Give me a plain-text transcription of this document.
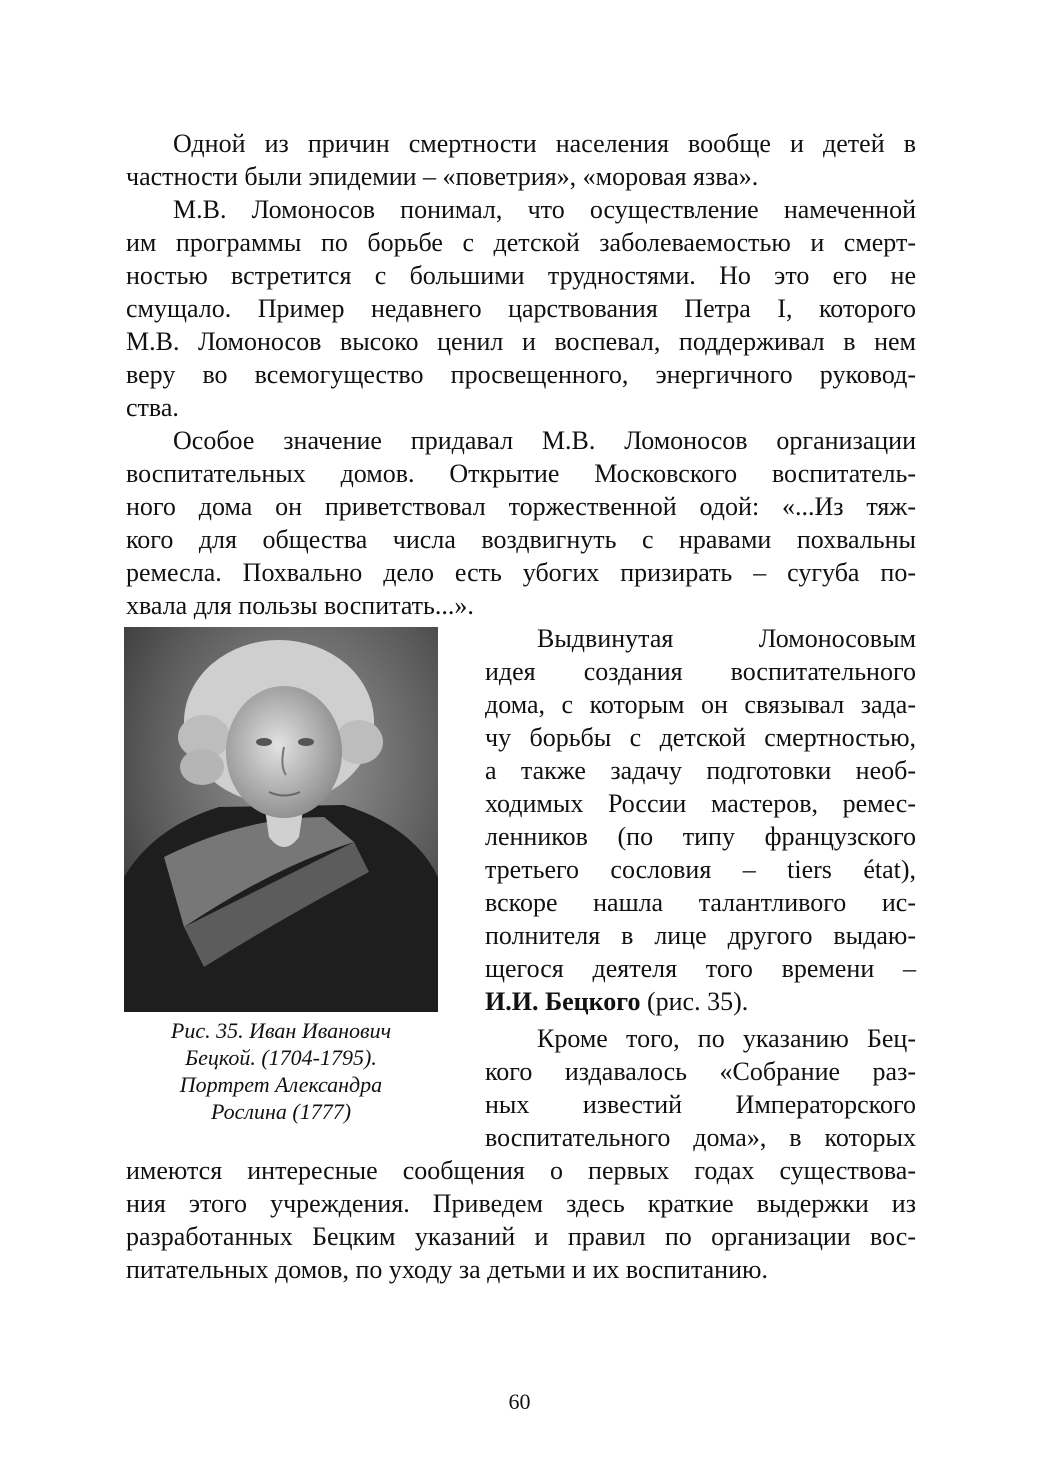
Одной из причин смертности населения вообще и детей в
частности были эпидемии – «поветрия», «моровая язва».
М.В. Ломоносов понимал, что осуществление намеченной
им программы по борьбе с детской заболеваемостью и смерт-
ностью встретится с большими трудностями. Но это его не
смущало. Пример недавнего царствования Петра I, которого
М.В. Ломоносов высоко ценил и воспевал, поддерживал в нем
веру во всемогущество просвещенного, энергичного руковод-
ства.
Особое значение придавал М.В. Ломоносов организации
воспитательных домов. Открытие Московского воспитатель-
ного дома он приветствовал торжественной одой: «...Из тяж-
кого для общества числа воздвигнуть с нравами похвальны
ремесла. Похвально дело есть убогих призирать – сугуба по-
хвала для пользы воспитать...».
Рис. 35. Иван Иванович
Бецкой. (1704-1795).
Портрет Александра
Рослина (1777)
Выдвинутая Ломоносовым
идея создания воспитательного
дома, с которым он связывал зада-
чу борьбы с детской смертностью,
а также задачу подготовки необ-
ходимых России мастеров, ремес-
ленников (по типу французского
третьего сословия – tiers état),
вскоре нашла талантливого ис-
полнителя в лице другого выдаю-
щегося деятеля того времени –
И.И. Бецкого (рис. 35).
Кроме того, по указанию Бец-
кого издавалось «Собрание раз-
ных известий Императорского
воспитательного дома», в которых
имеются интересные сообщения о первых годах существова-
ния этого учреждения. Приведем здесь краткие выдержки из
разработанных Бецким указаний и правил по организации вос-
питательных домов, по уходу за детьми и их воспитанию.
60
